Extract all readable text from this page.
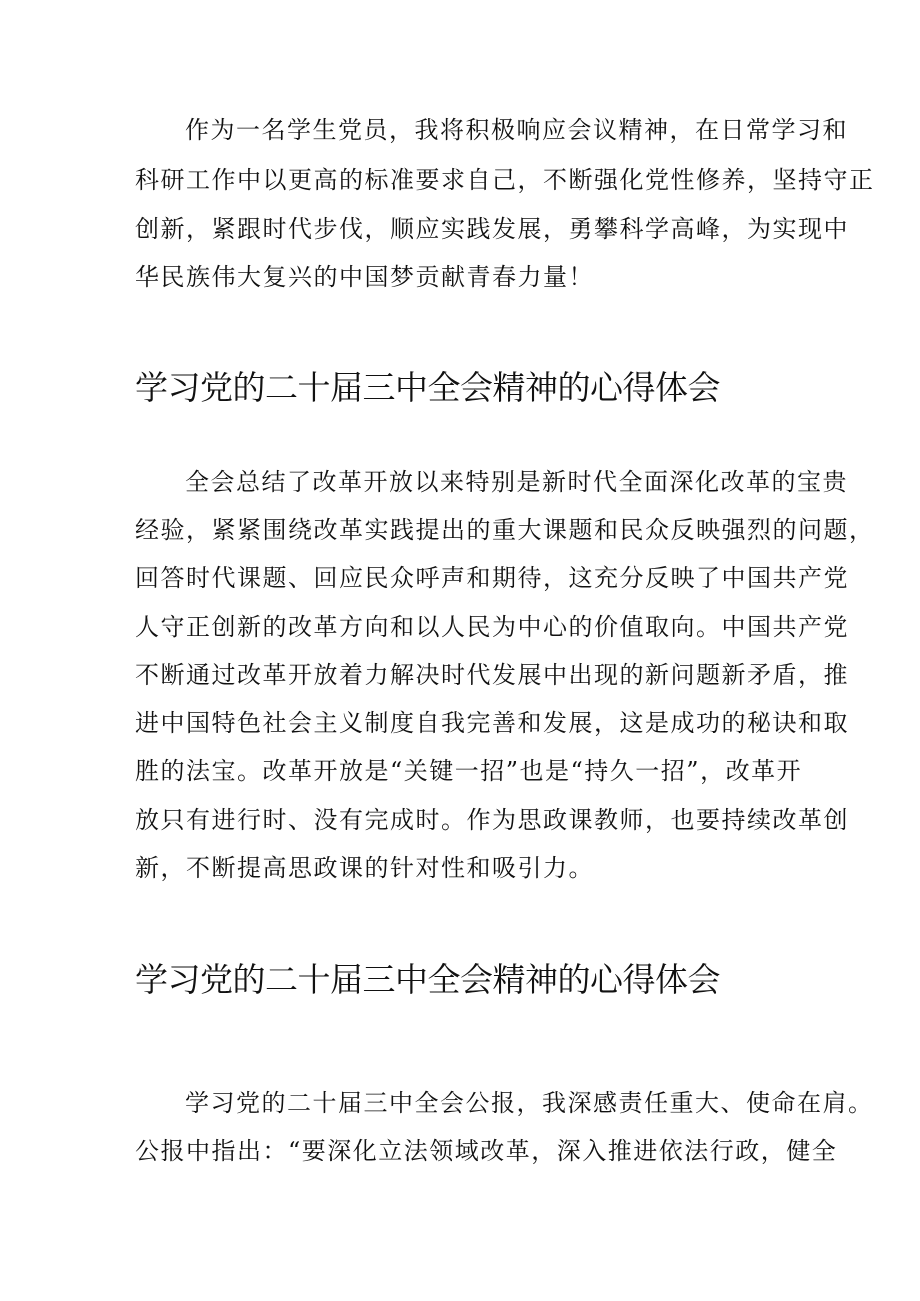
作为一名学生党员，我将积极响应会议精神，在日常学习和
科研工作中以更高的标准要求自己，不断强化党性修养，坚持守正
创新，紧跟时代步伐，顺应实践发展，勇攀科学高峰，为实现中
华民族伟大复兴的中国梦贡献青春力量！
学习党的二十届三中全会精神的心得体会
全会总结了改革开放以来特别是新时代全面深化改革的宝贵
经验，紧紧围绕改革实践提出的重大课题和民众反映强烈的问题，
回答时代课题、回应民众呼声和期待，这充分反映了中国共产党
人守正创新的改革方向和以人民为中心的价值取向。中国共产党
不断通过改革开放着力解决时代发展中出现的新问题新矛盾，推
进中国特色社会主义制度自我完善和发展，这是成功的秘诀和取
胜的法宝。改革开放是“关键一招”也是“持久一招”，改革开
放只有进行时、没有完成时。作为思政课教师，也要持续改革创
新，不断提高思政课的针对性和吸引力。
学习党的二十届三中全会精神的心得体会
学习党的二十届三中全会公报，我深感责任重大、使命在肩。
公报中指出：“要深化立法领域改革，深入推进依法行政，健全
